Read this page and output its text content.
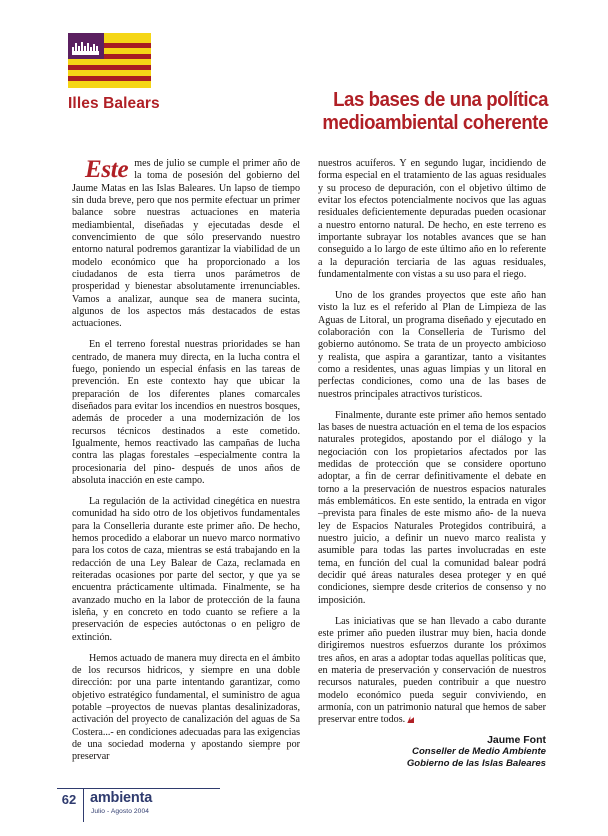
Illes Balears	Las bases de una política
medioambiental coherente

Este mes de julio se cumple el primer año de la toma de posesión del gobierno del Jaume Matas en las Islas Baleares. Un lapso de tiempo sin duda breve, pero que nos permite efectuar un primer balance sobre nuestras actuaciones en materia mediambiental, diseñadas y ejecutadas desde el convencimiento de que sólo preservando nuestro entorno natural podremos garantizar la viabilidad de un modelo económico que ha proporcionado a los ciudadanos de esta tierra unos parámetros de prosperidad y bienestar absolutamente irrenunciables. Vamos a analizar, aunque sea de manera sucinta, algunos de los aspectos más destacados de estas actuaciones.

En el terreno forestal nuestras prioridades se han centrado, de manera muy directa, en la lucha contra el fuego, poniendo un especial énfasis en las tareas de prevención. En este contexto hay que ubicar la preparación de los diferentes planes comarcales diseñados para evitar los incendios en nuestros bosques, además de proceder a una modernización de los recursos técnicos destinados a este cometido. Igualmente, hemos reactivado las campañas de lucha contra las plagas forestales –especialmente contra la procesionaria del pino- después de unos años de absoluta inacción en este campo.

La regulación de la actividad cinegética en nuestra comunidad ha sido otro de los objetivos fundamentales para la Conselleria durante este primer año. De hecho, hemos procedido a elaborar un nuevo marco normativo para los cotos de caza, mientras se está trabajando en la redacción de una Ley Balear de Caza, reclamada en reiteradas ocasiones por parte del sector, y que ya se encuentra prácticamente ultimada. Finalmente, se ha avanzado mucho en la labor de protección de la fauna isleña, y en concreto en todo cuanto se refiere a la preservación de especies autóctonas o en peligro de extinción.

Hemos actuado de manera muy directa en el ámbito de los recursos hidricos, y siempre en una doble dirección: por una parte intentando garantizar, como objetivo estratégico fundamental, el suministro de agua potable –proyectos de nuevas plantas desalinizadoras, activación del proyecto de canalización del aguas de Sa Costera...- en condiciones adecuadas para las exigencias de una sociedad moderna y apostando siempre por preservar

nuestros acuíferos. Y en segundo lugar, incidiendo de forma especial en el tratamiento de las aguas residuales y su proceso de depuración, con el objetivo último de evitar los efectos potencialmente nocivos que las aguas residuales deficientemente depuradas pueden ocasionar a nuestro entorno natural. De hecho, en este terreno es importante subrayar los notables avances que se han conseguido a lo largo de este último año en lo referente a la depuración terciaria de las aguas residuales, fundamentalmente con vistas a su uso para el riego.

Uno de los grandes proyectos que este año han visto la luz es el referido al Plan de Limpieza de las Aguas de Litoral, un programa diseñado y ejecutado en colaboración con la Conselleria de Turismo del gobierno autónomo. Se trata de un proyecto ambicioso y realista, que aspira a garantizar, tanto a visitantes como a residentes, unas aguas limpias y un litoral en perfectas condiciones, como una de las bases de nuestros principales atractivos turísticos.

Finalmente, durante este primer año hemos sentado las bases de nuestra actuación en el tema de los espacios naturales protegidos, apostando por el diálogo y la negociación con los propietarios afectados por las medidas de protección que se considere oportuno adoptar, a fin de cerrar definitivamente el debate en torno a la preservación de nuestros espacios naturales más emblemáticos. En este sentido, la entrada en vigor –prevista para finales de este mismo año- de la nueva ley de Espacios Naturales Protegidos contribuirá, a nuestro juicio, a definir un nuevo marco realista y asumible para todas las partes involucradas en este tema, en función del cual la comunidad balear podrá decidir qué áreas naturales desea proteger y en qué condiciones, siempre desde criterios de consenso y no imposición.

Las iniciativas que se han llevado a cabo durante este primer año pueden ilustrar muy bien, hacia donde dirigiremos nuestros esfuerzos durante los próximos tres años, en aras a adoptar todas aquellas políticas que, en materia de preservación y conservación de nuestros recursos naturales, pueden contribuir a que nuestro modelo económico pueda seguir conviviendo, en armonía, con un patrimonio natural que hemos de saber preservar entre todos.

Jaume Font
Conseller de Medio Ambiente
Gobierno de las Islas Baleares
62 ambienta
Julio - Agosto 2004
